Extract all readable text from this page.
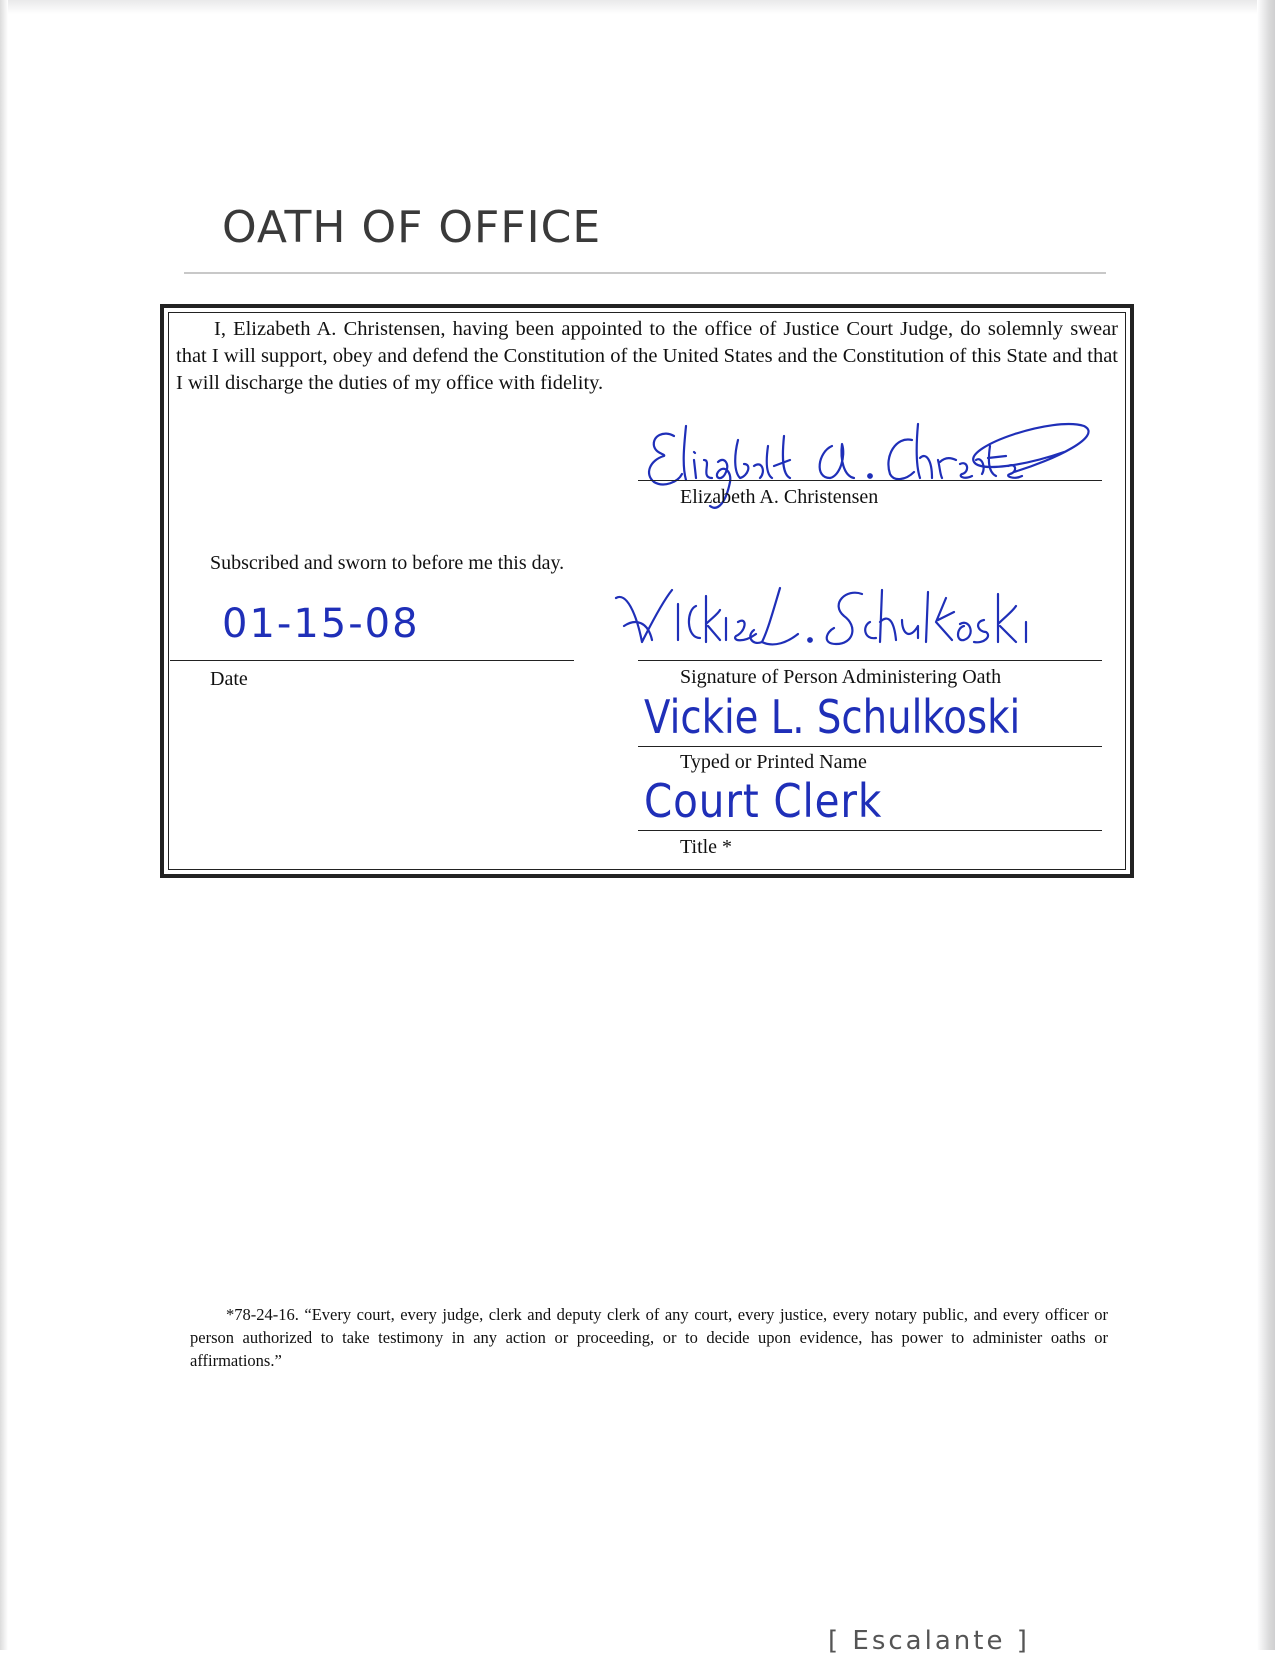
OATH OF OFFICE

I, Elizabeth A. Christensen, having been appointed to the office of Justice Court Judge, do solemnly swear that I will support, obey and defend the Constitution of the United States and the Constitution of this State and that I will discharge the duties of my office with fidelity.

Elizabeth A. Christensen
Subscribed and sworn to before me this day.
01-15-08
Date	Signature of Person Administering Oath
Vickie L. Schulkoski
Typed or Printed Name
Court Clerk
Title *

*78-24-16. “Every court, every judge, clerk and deputy clerk of any court, every justice, every notary public, and every officer or person authorized to take testimony in any action or proceeding, or to decide upon evidence, has power to administer oaths or affirmations.”

[ Escalante ]
